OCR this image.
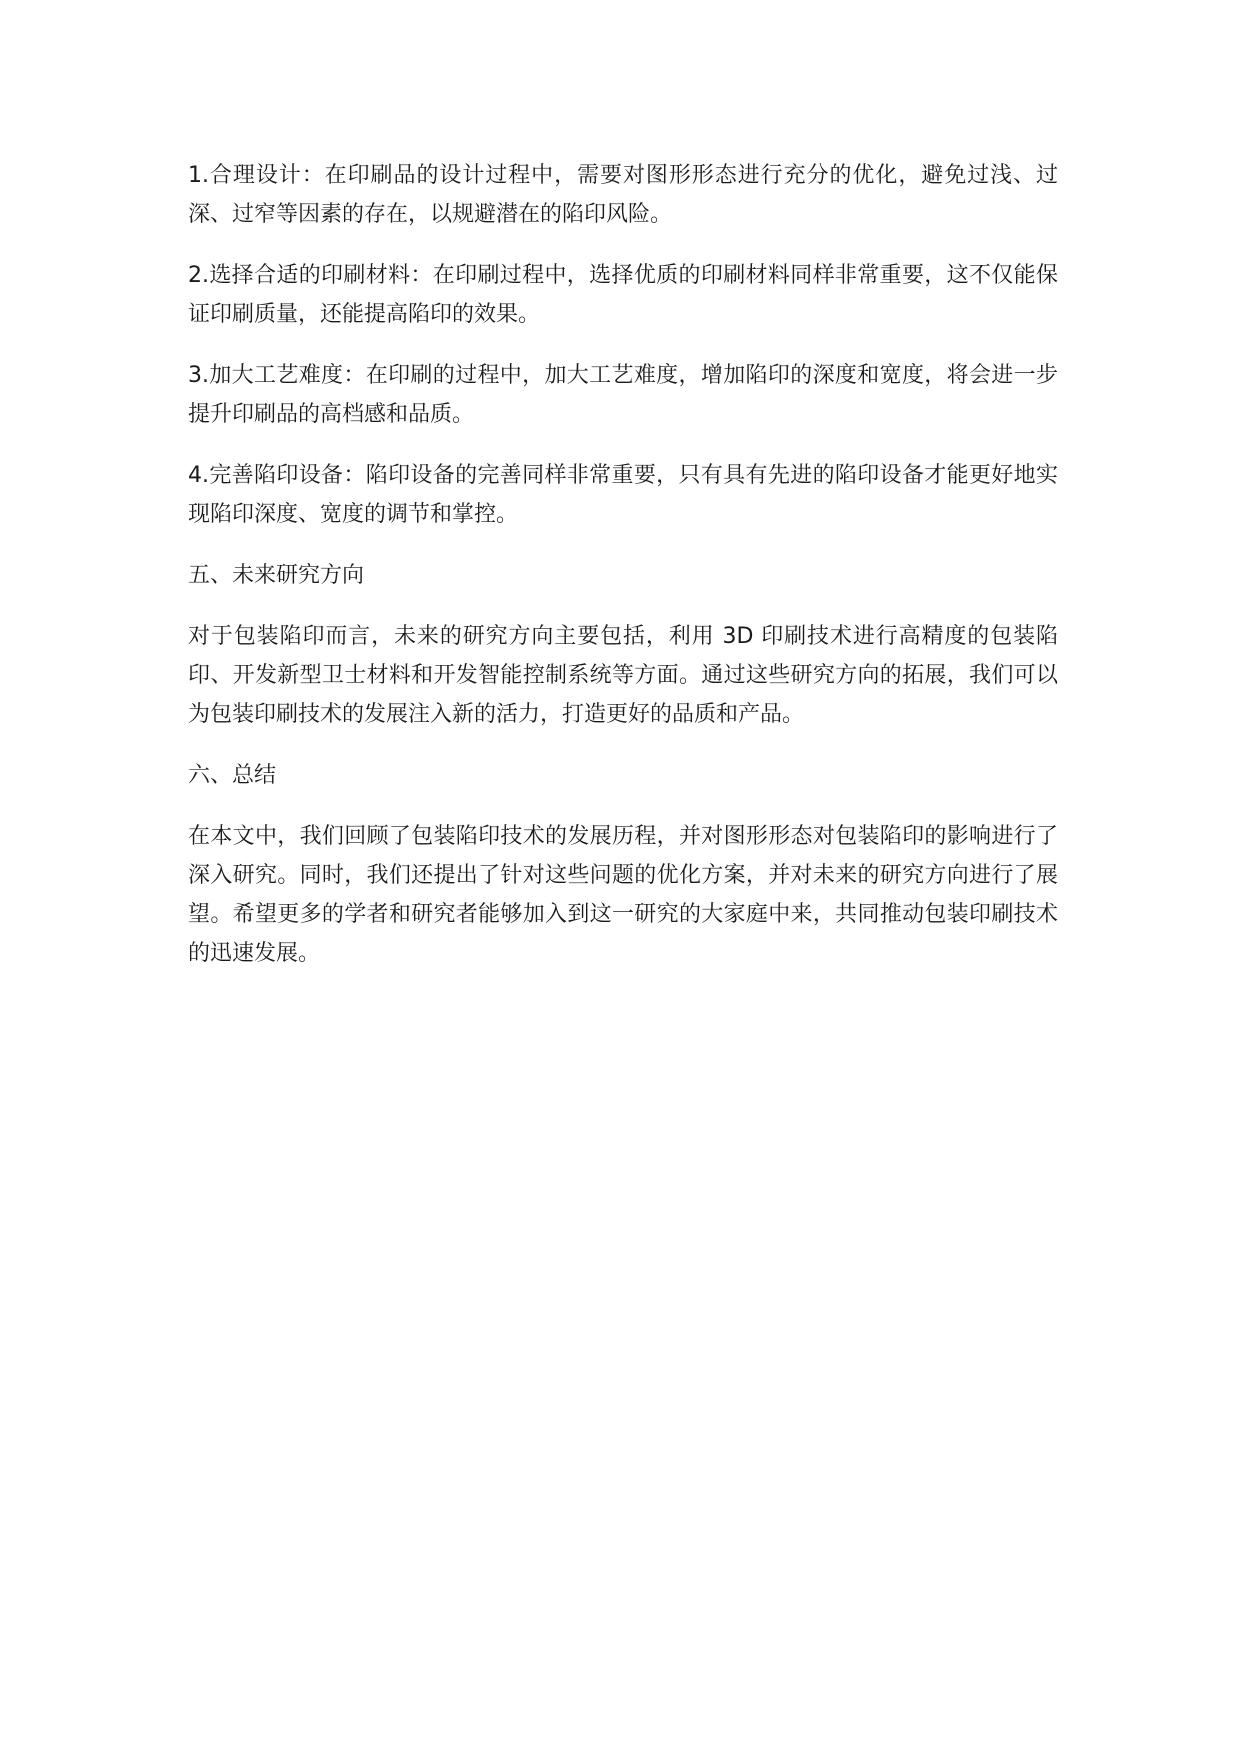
1.合理设计：在印刷品的设计过程中，需要对图形形态进行充分的优化，避免过浅、过深、过窄等因素的存在，以规避潜在的陷印风险。

2.选择合适的印刷材料：在印刷过程中，选择优质的印刷材料同样非常重要，这不仅能保证印刷质量，还能提高陷印的效果。

3.加大工艺难度：在印刷的过程中，加大工艺难度，增加陷印的深度和宽度，将会进一步提升印刷品的高档感和品质。

4.完善陷印设备：陷印设备的完善同样非常重要，只有具有先进的陷印设备才能更好地实现陷印深度、宽度的调节和掌控。

五、未来研究方向

对于包装陷印而言，未来的研究方向主要包括，利用 3D 印刷技术进行高精度的包装陷印、开发新型卫士材料和开发智能控制系统等方面。通过这些研究方向的拓展，我们可以为包装印刷技术的发展注入新的活力，打造更好的品质和产品。

六、总结

在本文中，我们回顾了包装陷印技术的发展历程，并对图形形态对包装陷印的影响进行了深入研究。同时，我们还提出了针对这些问题的优化方案，并对未来的研究方向进行了展望。希望更多的学者和研究者能够加入到这一研究的大家庭中来，共同推动包装印刷技术的迅速发展。
